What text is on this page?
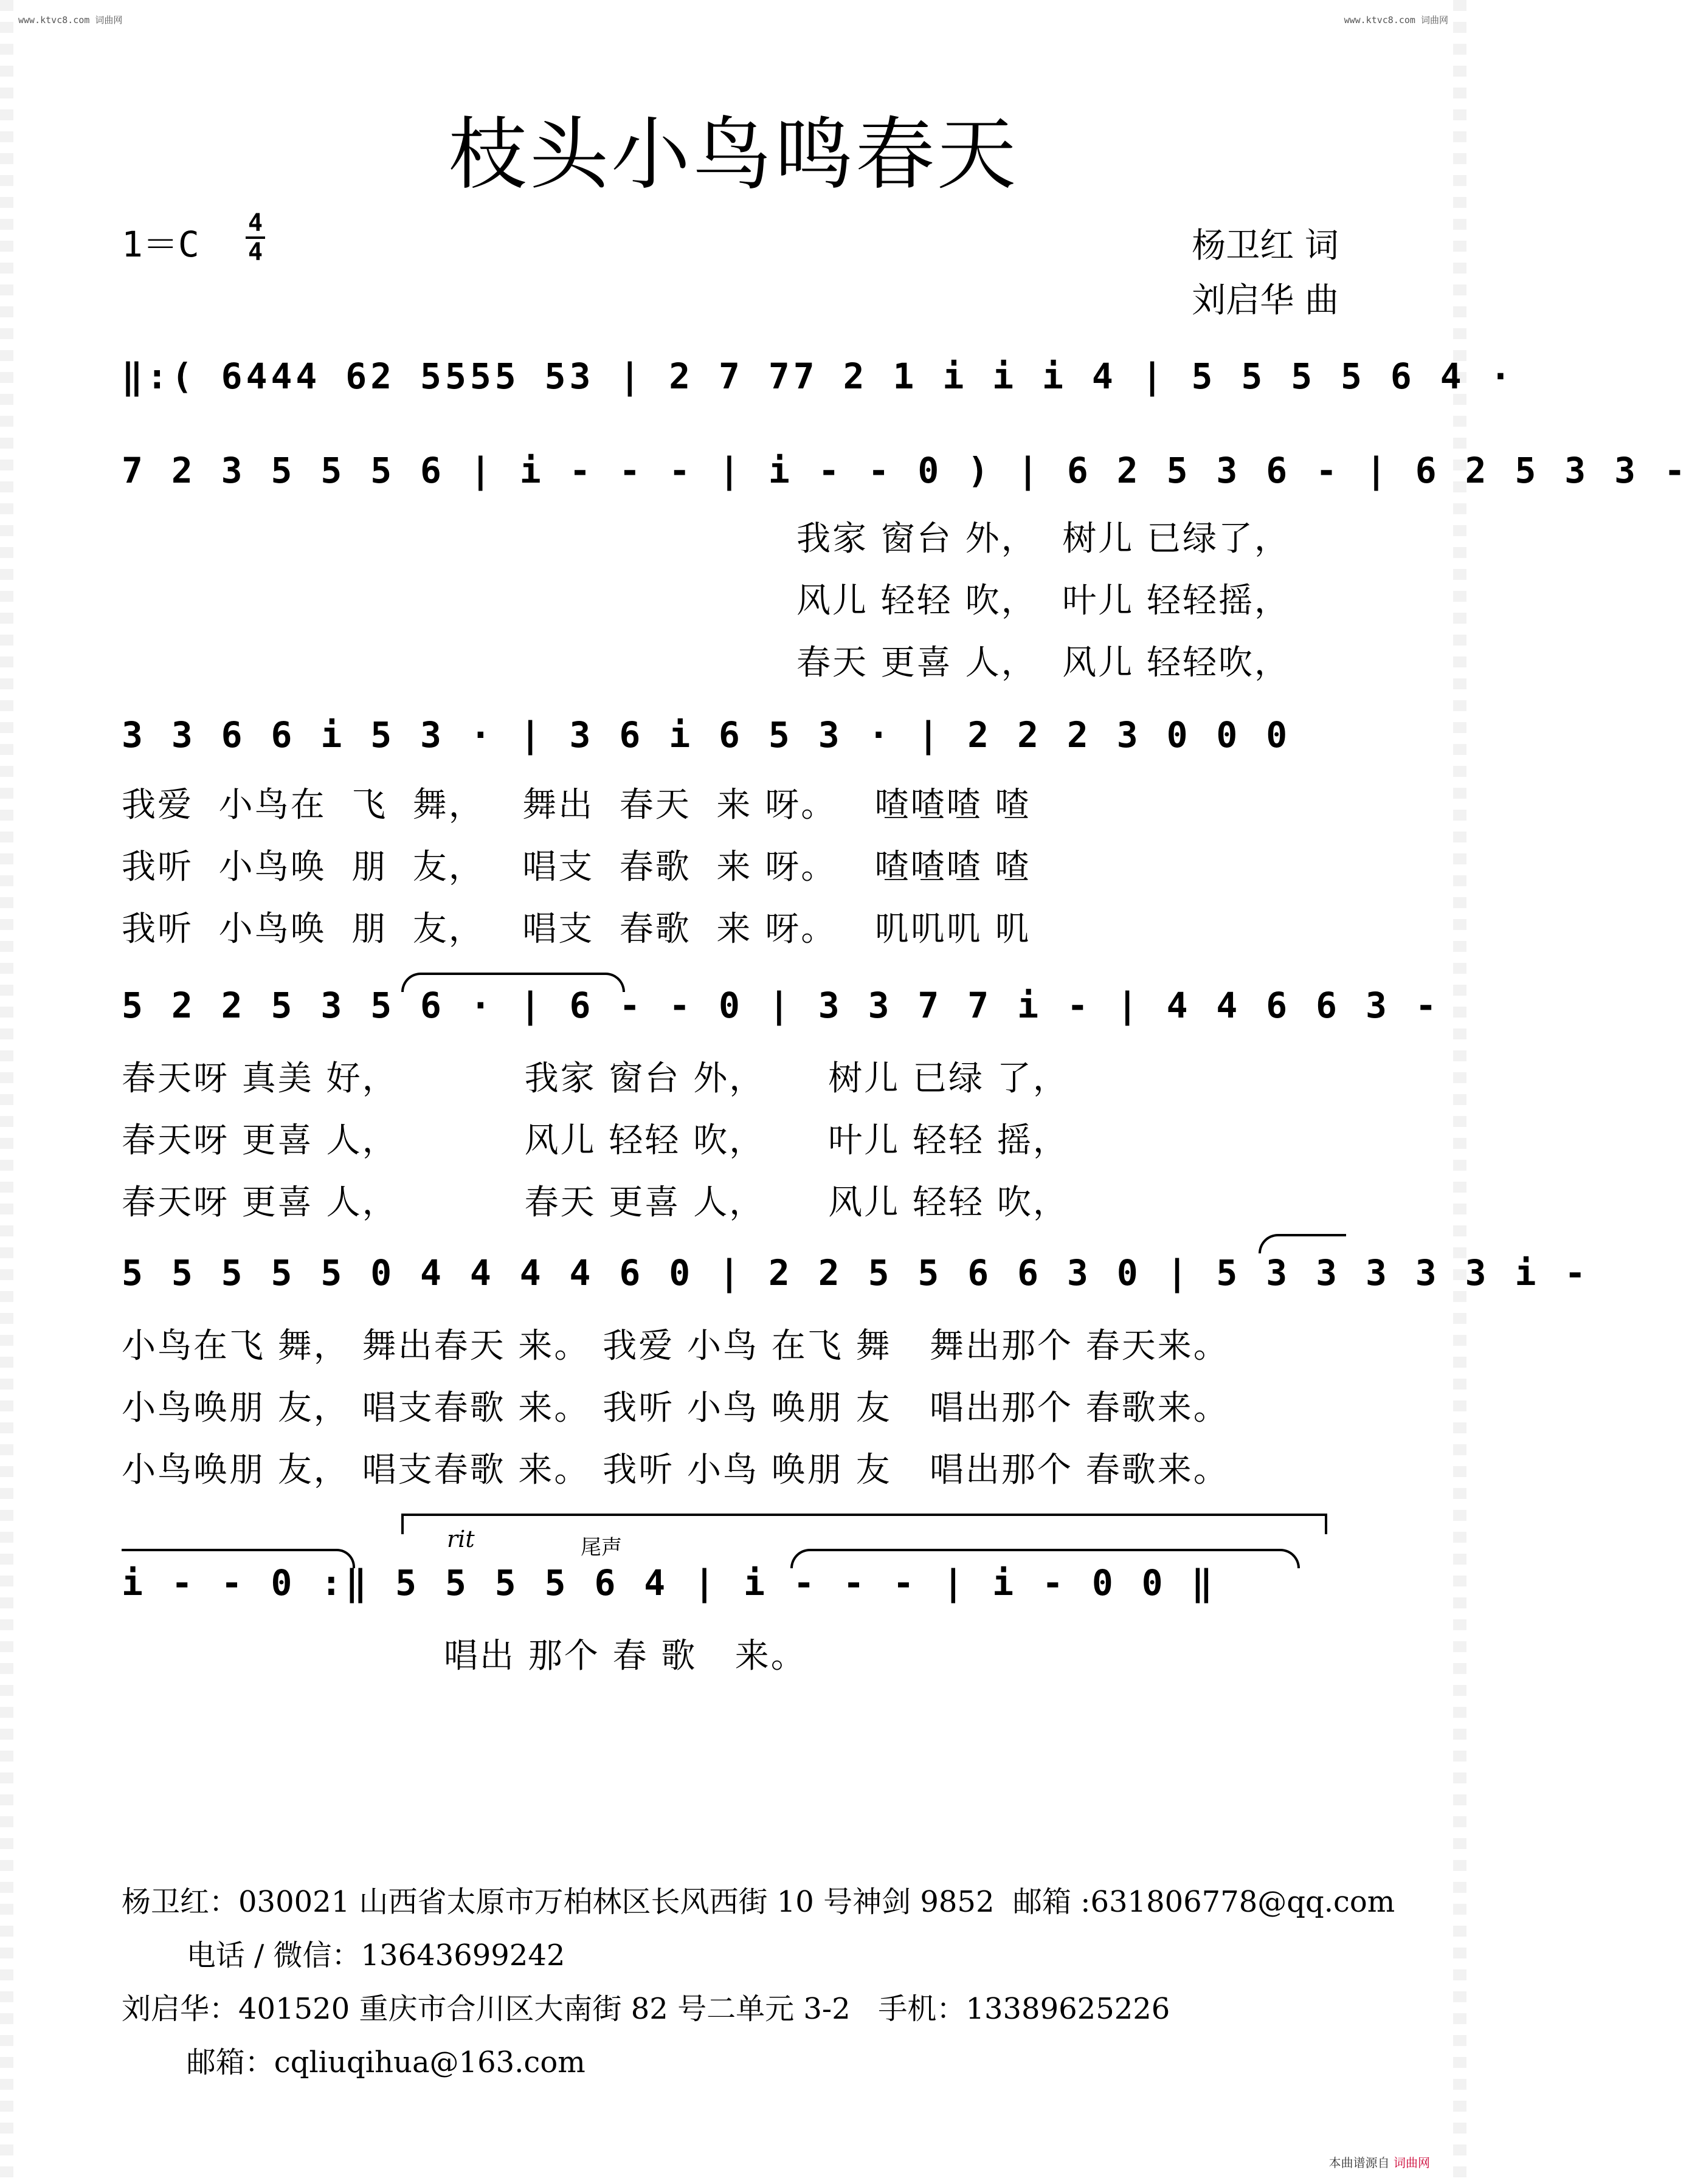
www.ktvc8.com 词曲网	www.ktvc8.com 词曲网
枝头小鸟鸣春天
1＝C
4
4	杨卫红 词
刘启华 曲
‖:( 6444 62 5555 53 | 2 7 77 2 1 i i i 4 | 5 5 5 5 6 4 ·
7 2 3 5 5 5 6 | i - - - | i - - 0 ) | 6 2 5 3 6 - | 6 2 5 3 3 -
我家 窗台 外，  树儿 已绿了，
风儿 轻轻 吹，  叶儿 轻轻摇，
春天 更喜 人，  风儿 轻轻吹，
3 3 6 6 i 5 3 · | 3 6 i 6 5 3 · | 2 2 2 3 0 0 0
我爱  小鸟在  飞  舞，   舞出  春天  来 呀。   喳喳喳 喳
我听  小鸟唤  朋  友，   唱支  春歌  来 呀。   喳喳喳 喳
我听  小鸟唤  朋  友，   唱支  春歌  来 呀。   叽叽叽 叽
5 2 2 5 3 5 6 · | 6 - - 0 | 3 3 7 7 i - | 4 4 6 6 3 -
春天呀 真美 好，          我家 窗台 外，     树儿 已绿 了，
春天呀 更喜 人，          风儿 轻轻 吹，     叶儿 轻轻 摇，
春天呀 更喜 人，          春天 更喜 人，     风儿 轻轻 吹，
5 5 5 5 5 0 4 4 4 4 6 0 | 2 2 5 5 6 6 3 0 | 5 3 3 3 3 3 i -
小鸟在飞 舞， 舞出春天 来。 我爱 小鸟 在飞 舞   舞出那个 春天来。
小鸟唤朋 友， 唱支春歌 来。 我听 小鸟 唤朋 友   唱出那个 春歌来。
小鸟唤朋 友， 唱支春歌 来。 我听 小鸟 唤朋 友   唱出那个 春歌来。
rit	尾声
i - - 0 :‖ 5 5 5 5 6 4 | i - - - | i - 0 0 ‖
唱出 那个 春 歌   来。
杨卫红：030021 山西省太原市万柏林区长风西街 10 号神剑 9852  邮箱 :631806778@qq.com
电话 / 微信：13643699242
刘启华：401520 重庆市合川区大南街 82 号二单元 3-2   手机：13389625226
邮箱：cqliuqihua@163.com
本曲谱源自 词曲网
